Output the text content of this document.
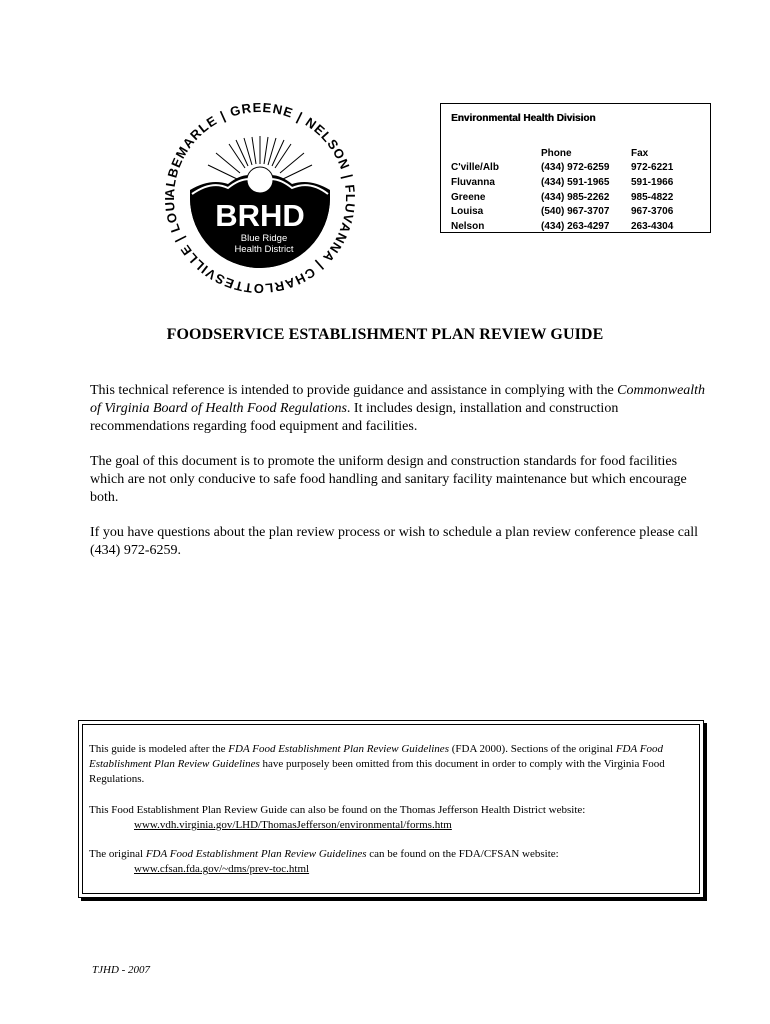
ALBEMARLE | GREENE | NELSON | FLUVANNA | CHARLOTTESVILLE | LOUI	BRHD
Blue Ridge
Health District
Environmental Health Division
	Phone	Fax
C'ville/Alb	(434) 972-6259	972-6221
Fluvanna	(434) 591-1965	591-1966
Greene	(434) 985-2262	985-4822
Louisa	(540) 967-3707	967-3706
Nelson	(434) 263-4297	263-4304
FOODSERVICE ESTABLISHMENT PLAN REVIEW GUIDE
This technical reference is intended to provide guidance and assistance in complying with the Commonwealth of Virginia Board of Health Food Regulations. It includes design, installation and construction recommendations regarding food equipment and facilities.
The goal of this document is to promote the uniform design and construction standards for food facilities which are not only conducive to safe food handling and sanitary facility maintenance but which encourage both.
If you have questions about the plan review process or wish to schedule a plan review conference please call (434) 972-6259.
This guide is modeled after the FDA Food Establishment Plan Review Guidelines (FDA 2000). Sections of the original FDA Food Establishment Plan Review Guidelines have purposely been omitted from this document in order to comply with the Virginia Food Regulations.
This Food Establishment Plan Review Guide can also be found on the Thomas Jefferson Health District website:
www.vdh.virginia.gov/LHD/ThomasJefferson/environmental/forms.htm
The original FDA Food Establishment Plan Review Guidelines can be found on the FDA/CFSAN website:
www.cfsan.fda.gov/~dms/prev-toc.html
TJHD - 2007
